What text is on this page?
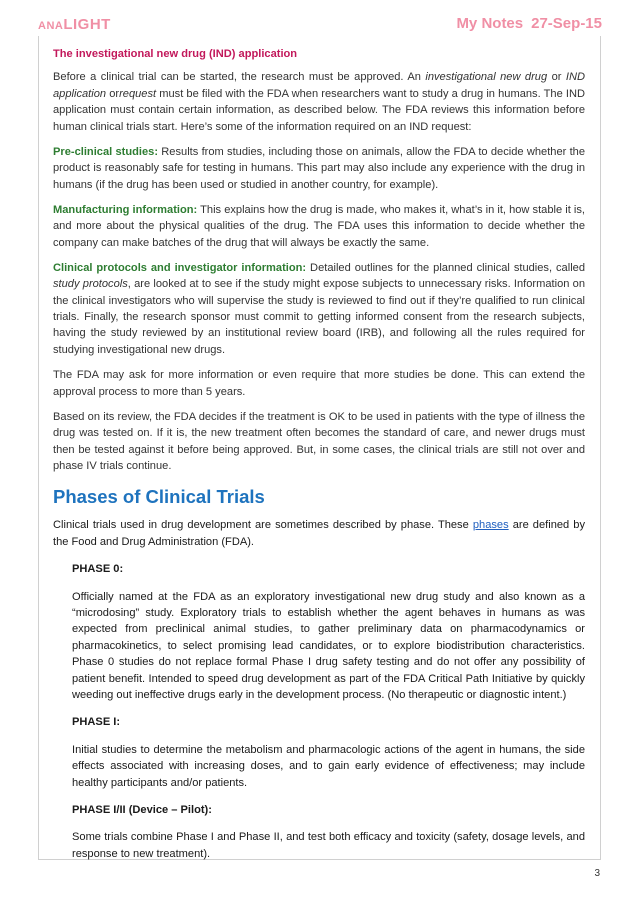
ANALIGHT	My Notes 27-Sep-15

The investigational new drug (IND) application

Before a clinical trial can be started, the research must be approved. An investigational new drug or IND application orrequest must be filed with the FDA when researchers want to study a drug in humans. The IND application must contain certain information, as described below. The FDA reviews this information before human clinical trials start. Here’s some of the information required on an IND request:

Pre-clinical studies: Results from studies, including those on animals, allow the FDA to decide whether the product is reasonably safe for testing in humans. This part may also include any experience with the drug in humans (if the drug has been used or studied in another country, for example).

Manufacturing information: This explains how the drug is made, who makes it, what’s in it, how stable it is, and more about the physical qualities of the drug. The FDA uses this information to decide whether the company can make batches of the drug that will always be exactly the same.

Clinical protocols and investigator information: Detailed outlines for the planned clinical studies, called study protocols, are looked at to see if the study might expose subjects to unnecessary risks. Information on the clinical investigators who will supervise the study is reviewed to find out if they’re qualified to run clinical trials. Finally, the research sponsor must commit to getting informed consent from the research subjects, having the study reviewed by an institutional review board (IRB), and following all the rules required for studying investigational new drugs.

The FDA may ask for more information or even require that more studies be done. This can extend the approval process to more than 5 years.

Based on its review, the FDA decides if the treatment is OK to be used in patients with the type of illness the drug was tested on. If it is, the new treatment often becomes the standard of care, and newer drugs must then be tested against it before being approved. But, in some cases, the clinical trials are still not over and phase IV trials continue.

Phases of Clinical Trials

Clinical trials used in drug development are sometimes described by phase. These phases are defined by the Food and Drug Administration (FDA).

PHASE 0:

Officially named at the FDA as an exploratory investigational new drug study and also known as a “microdosing” study. Exploratory trials to establish whether the agent behaves in humans as was expected from preclinical animal studies, to gather preliminary data on pharmacodynamics or pharmacokinetics, to select promising lead candidates, or to explore biodistribution characteristics. Phase 0 studies do not replace formal Phase I drug safety testing and do not offer any possibility of patient benefit. Intended to speed drug development as part of the FDA Critical Path Initiative by quickly weeding out ineffective drugs early in the development process. (No therapeutic or diagnostic intent.)

PHASE I:

Initial studies to determine the metabolism and pharmacologic actions of the agent in humans, the side effects associated with increasing doses, and to gain early evidence of effectiveness; may include healthy participants and/or patients.

PHASE I/II (Device – Pilot):

Some trials combine Phase I and Phase II, and test both efficacy and toxicity (safety, dosage levels, and response to new treatment).

3
